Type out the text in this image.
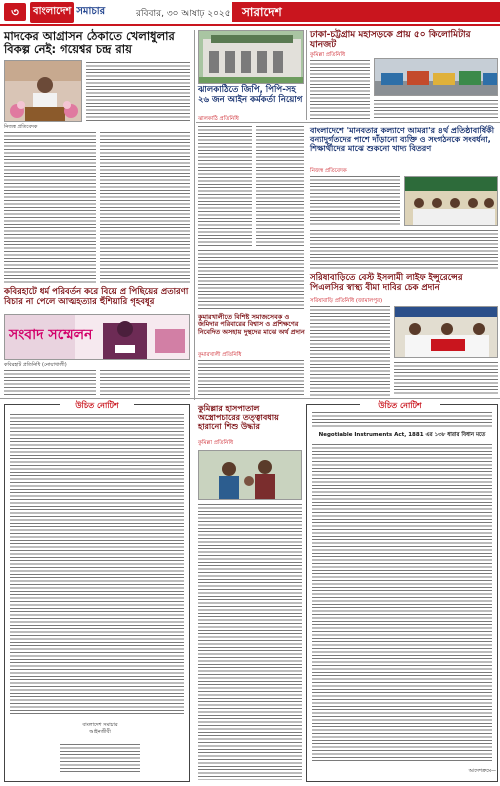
৩	বাংলাদেশ সমাচার	রবিবার, ৩০ আষাঢ় ২০২৫ সারাদেশ
মাদকের আগ্রাসন ঠেকাতে খেলাধুলার বিকল্প নেই: গয়েশ্বর চন্দ্র রায়
নিজস্ব প্রতিবেদক
কবিরহাটে ধর্ম পরিবর্তন করে বিয়ে প্র পিছিয়ের প্রতারণা বিচার না পেলে আত্মহত্যার হুঁশিয়ারি গৃহবধূর
সংবাদ সম্মেলন
কবিরহাট প্রতিনিধি (নোয়াখালী)
ঝালকাঠিতে জিপি, পিপি-সহ ২৬ জন আইন কর্মকর্তা নিয়োগ
ঝালকাঠি প্রতিনিধি
ঢাকা-চট্টগ্রাম মহাসড়কে প্রায় ৫০ কিলোমিটার যানজট
কুমিল্লা প্রতিনিধি
বাংলাদেশে 'মানবতার কল্যাণে আমরা'র ৪র্থ প্রতিষ্ঠাবার্ষিকী বন্যাদুর্গতদের পাশে দাঁড়ানো ব্যক্তি ও সংগঠনকে সংবর্ধনা, শিক্ষার্থীদের মাঝে শুকনো খাদ্য বিতরণ
নিজস্ব প্রতিবেদক
সরিষাবাড়িতে বেস্ট ইসলামী লাইফ ইন্সুরেন্সের পিএলসির স্বাস্থ্য বীমা দাবির চেক প্রদান
সরিষাবাড়ি প্রতিনিধি (জামালপুর)
কুমারখালীতে বিশিষ্ট সমাজসেবক ও জমিদার পরিবারের বিশ্বাস ও প্রশিক্ষণের নিবেদিত অসহায় দুস্থদের মাঝে অর্থ প্রদান
কুমারখালী প্রতিনিধি
উচিত নোটিশ
বাংলাদেশ সমাচার
আইনজীবী
কুমিল্লার হাসপাতাল অস্ত্রোপচারের তত্ত্বাবধায় হারানো শিশু উদ্ধার
কুমিল্লা প্রতিনিধি
উচিত নোটিশ
Negotiable Instruments Act, 1881 এর ১৩৮ ধারার বিধান মতে
আদেশক্রমে—
